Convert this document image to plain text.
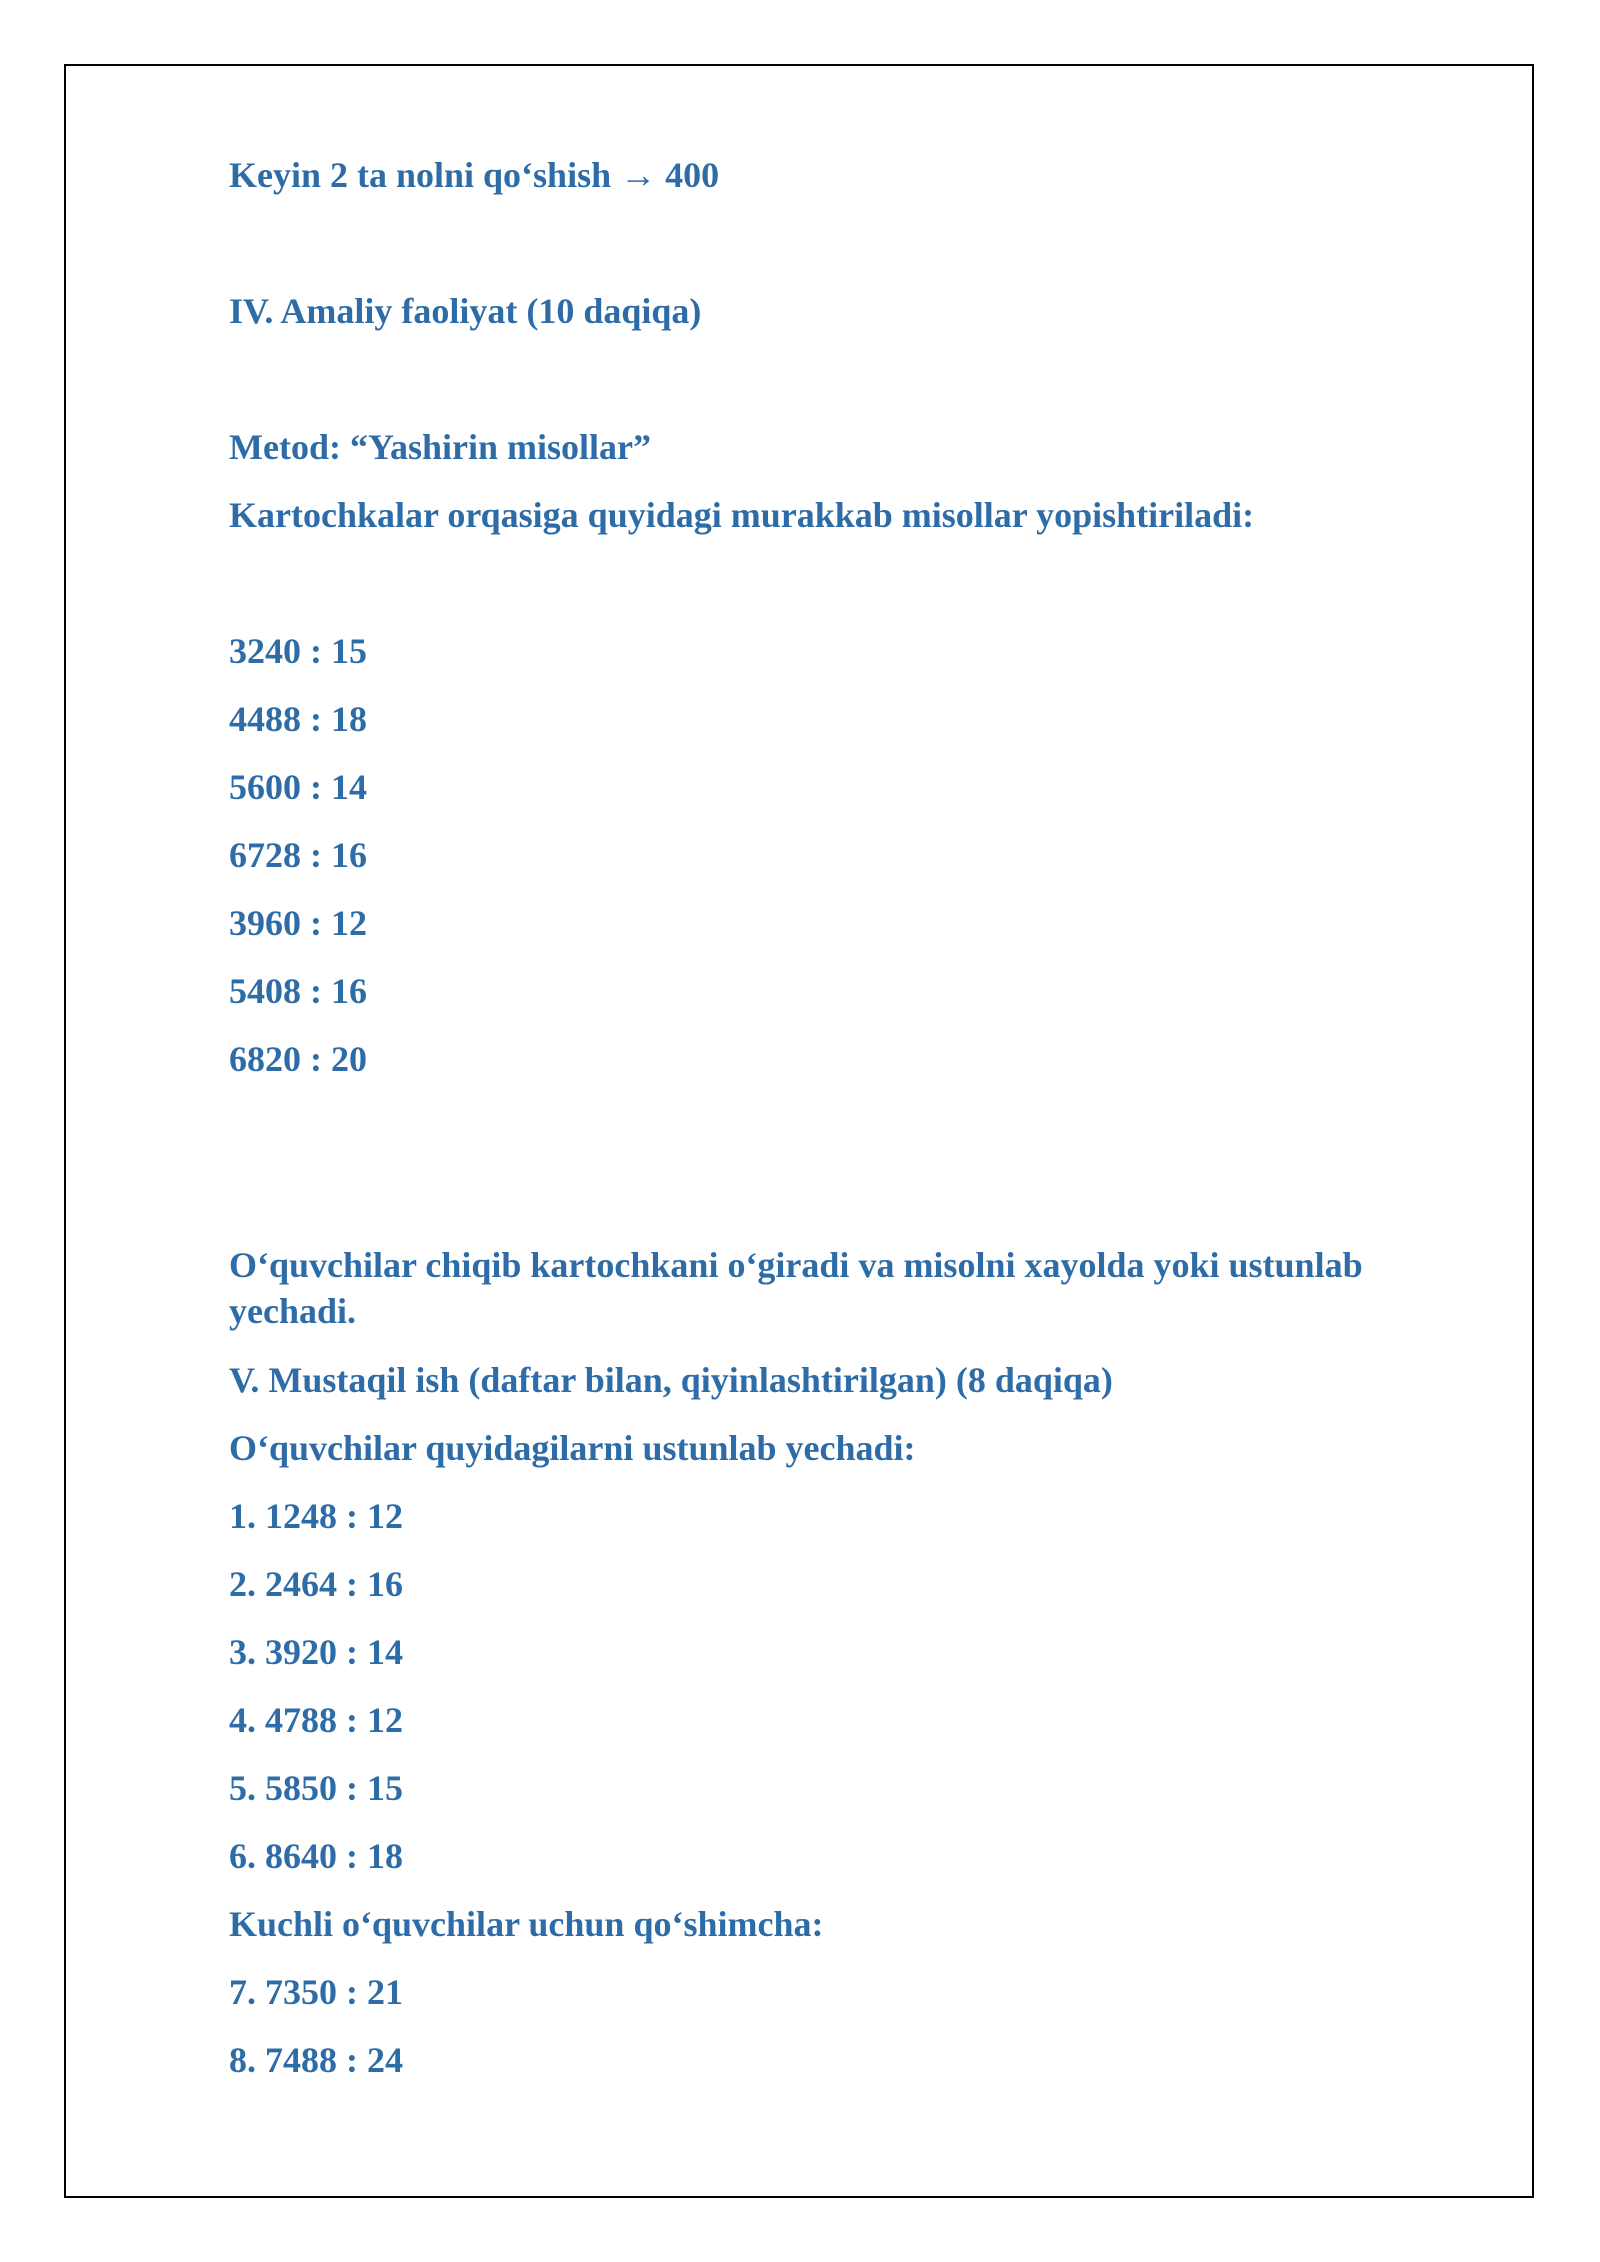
Keyin 2 ta nolni qo‘shish → 400
IV. Amaliy faoliyat (10 daqiqa)
Metod: “Yashirin misollar”
Kartochkalar orqasiga quyidagi murakkab misollar yopishtiriladi:
3240 : 15
4488 : 18
5600 : 14
6728 : 16
3960 : 12
5408 : 16
6820 : 20
O‘quvchilar chiqib kartochkani o‘giradi va misolni xayolda yoki ustunlab yechadi.
V. Mustaqil ish (daftar bilan, qiyinlashtirilgan) (8 daqiqa)
O‘quvchilar quyidagilarni ustunlab yechadi:
1. 1248 : 12
2. 2464 : 16
3. 3920 : 14
4. 4788 : 12
5. 5850 : 15
6. 8640 : 18
Kuchli o‘quvchilar uchun qo‘shimcha:
7. 7350 : 21
8. 7488 : 24
